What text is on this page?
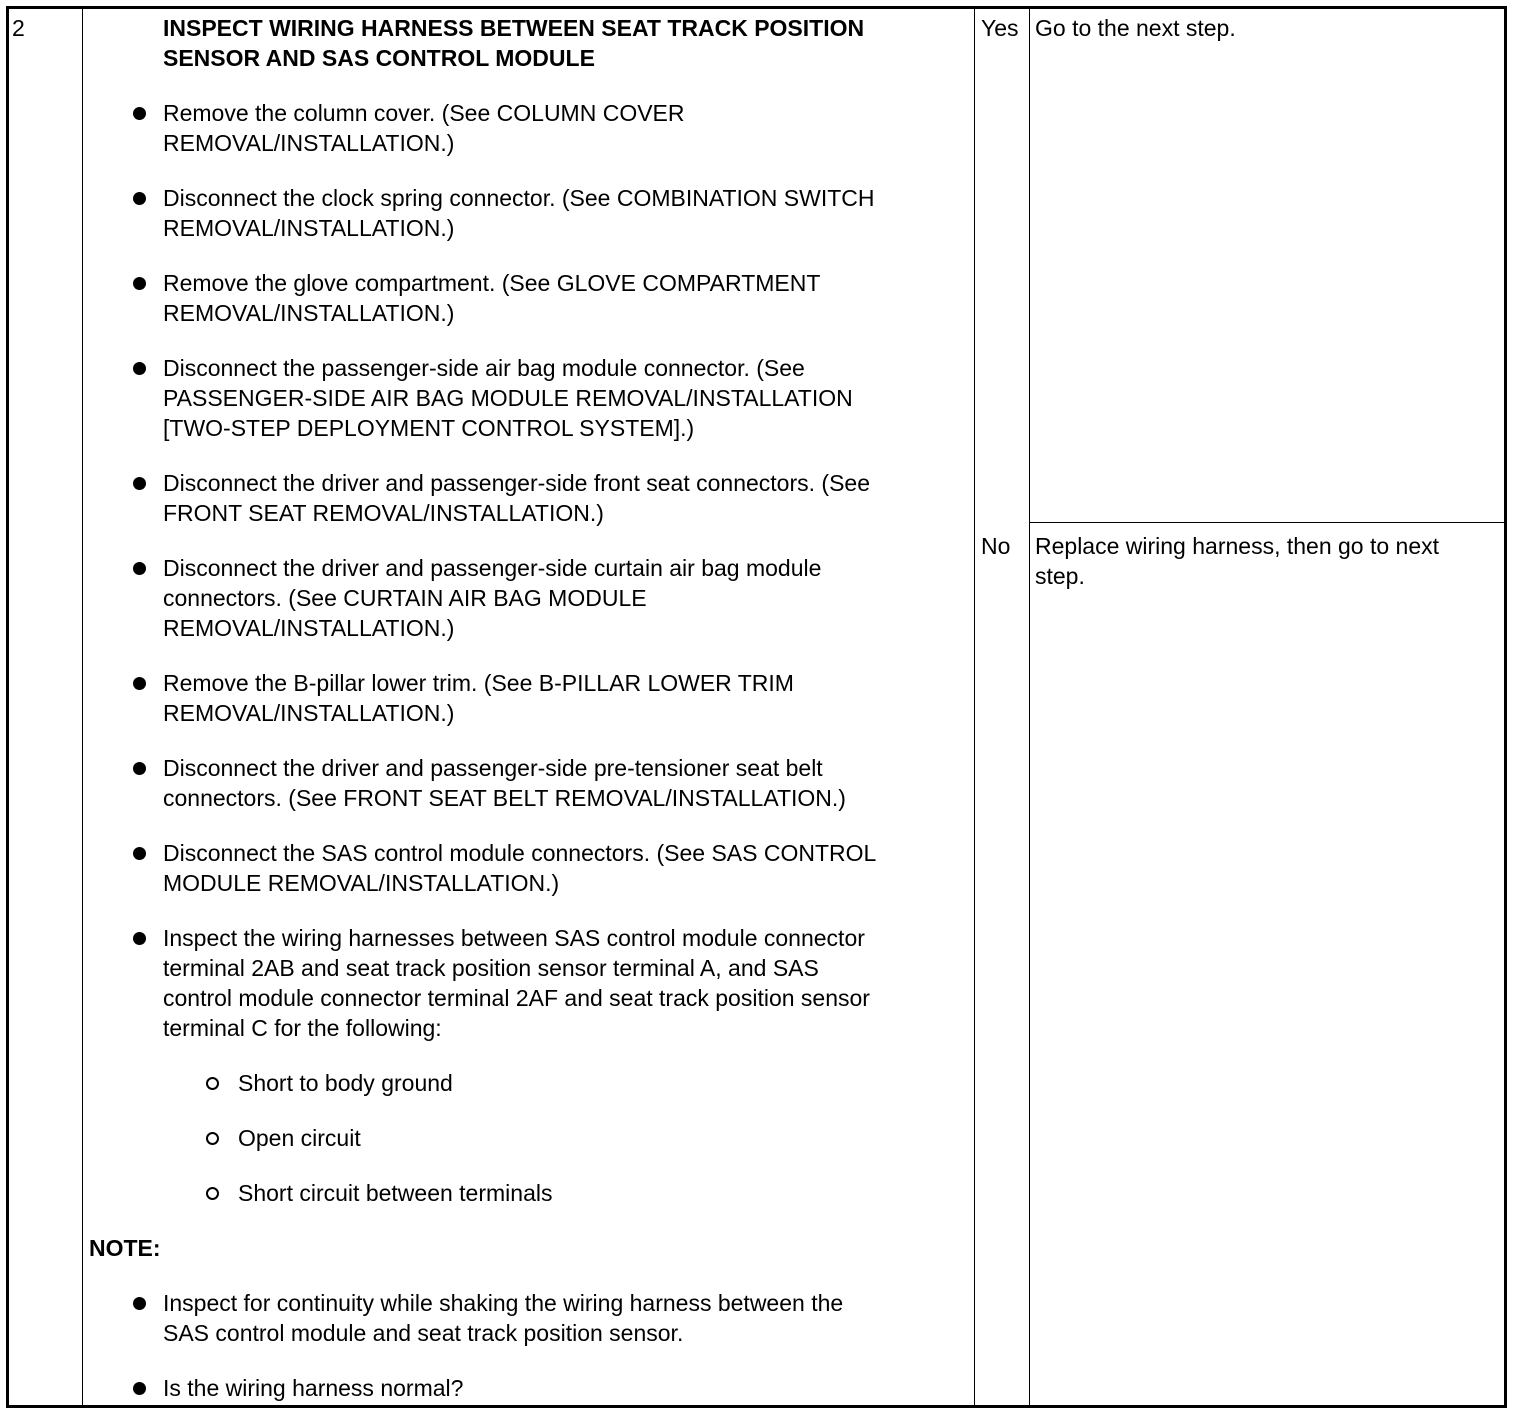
2	INSPECT WIRING HARNESS BETWEEN SEAT TRACK POSITION
SENSOR AND SAS CONTROL MODULE
Remove the column cover. (See COLUMN COVER
REMOVAL/INSTALLATION.)
Disconnect the clock spring connector. (See COMBINATION SWITCH
REMOVAL/INSTALLATION.)
Remove the glove compartment. (See GLOVE COMPARTMENT
REMOVAL/INSTALLATION.)
Disconnect the passenger-side air bag module connector. (See
PASSENGER-SIDE AIR BAG MODULE REMOVAL/INSTALLATION
[TWO-STEP DEPLOYMENT CONTROL SYSTEM].)
Disconnect the driver and passenger-side front seat connectors. (See
FRONT SEAT REMOVAL/INSTALLATION.)
Disconnect the driver and passenger-side curtain air bag module
connectors. (See CURTAIN AIR BAG MODULE
REMOVAL/INSTALLATION.)
Remove the B-pillar lower trim. (See B-PILLAR LOWER TRIM
REMOVAL/INSTALLATION.)
Disconnect the driver and passenger-side pre-tensioner seat belt
connectors. (See FRONT SEAT BELT REMOVAL/INSTALLATION.)
Disconnect the SAS control module connectors. (See SAS CONTROL
MODULE REMOVAL/INSTALLATION.)
Inspect the wiring harnesses between SAS control module connector
terminal 2AB and seat track position sensor terminal A, and SAS
control module connector terminal 2AF and seat track position sensor
terminal C for the following:
Short to body ground
Open circuit
Short circuit between terminals
NOTE:
Inspect for continuity while shaking the wiring harness between the
SAS control module and seat track position sensor.
Is the wiring harness normal?
Yes Go to the next step.
No Replace wiring harness, then go to next
step.
